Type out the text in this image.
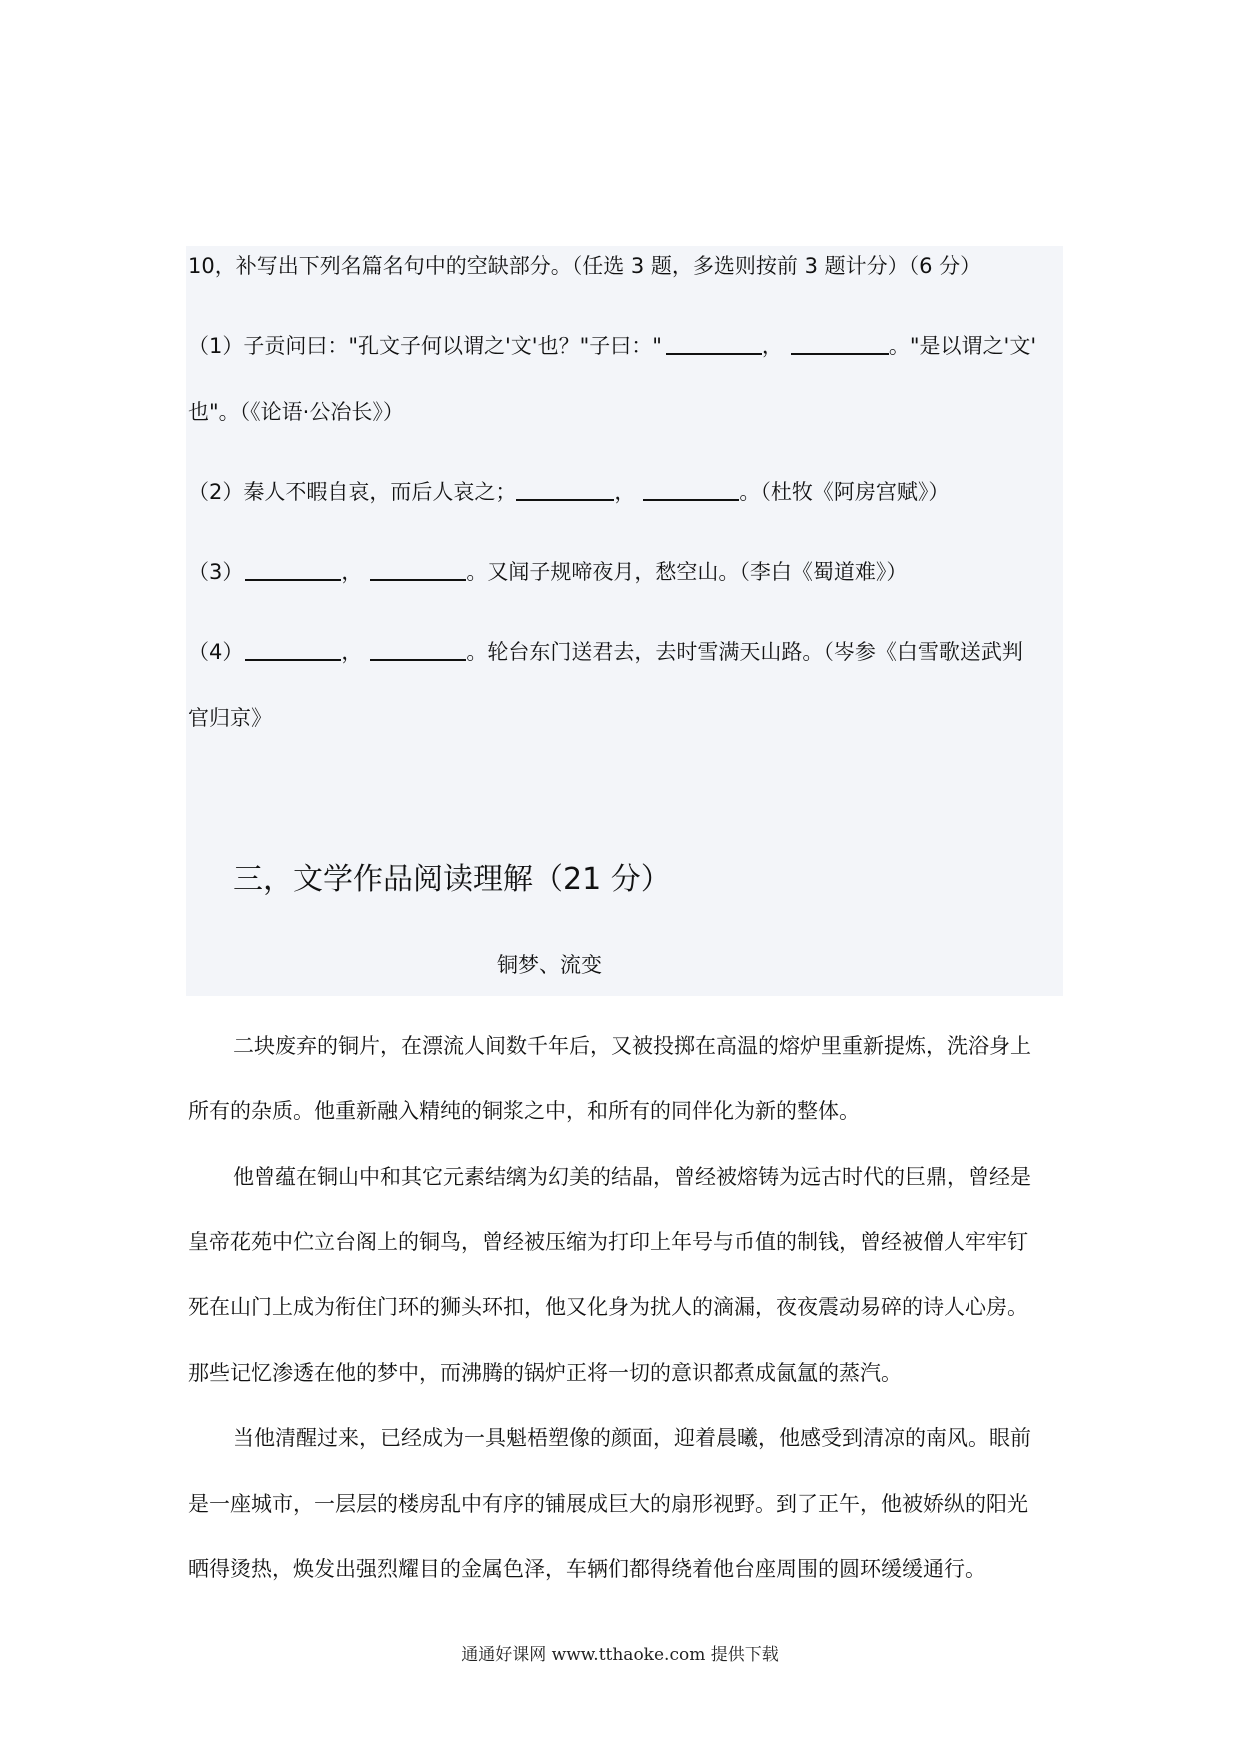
10，补写出下列名篇名句中的空缺部分。（任选 3 题，多选则按前 3 题计分）（6 分）
（1）子贡问曰："孔文子何以谓之'文'也？"子曰："	，	。"是以谓之'文'
也"。（《论语·公冶长》）
（2）秦人不暇自哀，而后人哀之；	，	。（杜牧《阿房宫赋》）
（3）	，	。又闻子规啼夜月，愁空山。（李白《蜀道难》）
（4）	，	。轮台东门送君去，去时雪满天山路。（岑参《白雪歌送武判
官归京》
三，文学作品阅读理解（21 分）
铜梦、流变
二块废弃的铜片，在漂流人间数千年后，又被投掷在高温的熔炉里重新提炼，洗浴身上
所有的杂质。他重新融入精纯的铜浆之中，和所有的同伴化为新的整体。
他曾蕴在铜山中和其它元素结缡为幻美的结晶，曾经被熔铸为远古时代的巨鼎，曾经是
皇帝花苑中伫立台阁上的铜鸟，曾经被压缩为打印上年号与币值的制钱，曾经被僧人牢牢钉
死在山门上成为衔住门环的狮头环扣，他又化身为扰人的滴漏，夜夜震动易碎的诗人心房。
那些记忆渗透在他的梦中，而沸腾的锅炉正将一切的意识都煮成氤氲的蒸汽。
当他清醒过来，已经成为一具魁梧塑像的颜面，迎着晨曦，他感受到清凉的南风。眼前
是一座城市，一层层的楼房乱中有序的铺展成巨大的扇形视野。到了正午，他被娇纵的阳光
晒得烫热，焕发出强烈耀目的金属色泽，车辆们都得绕着他台座周围的圆环缓缓通行。
通通好课网 www.tthaoke.com 提供下载
